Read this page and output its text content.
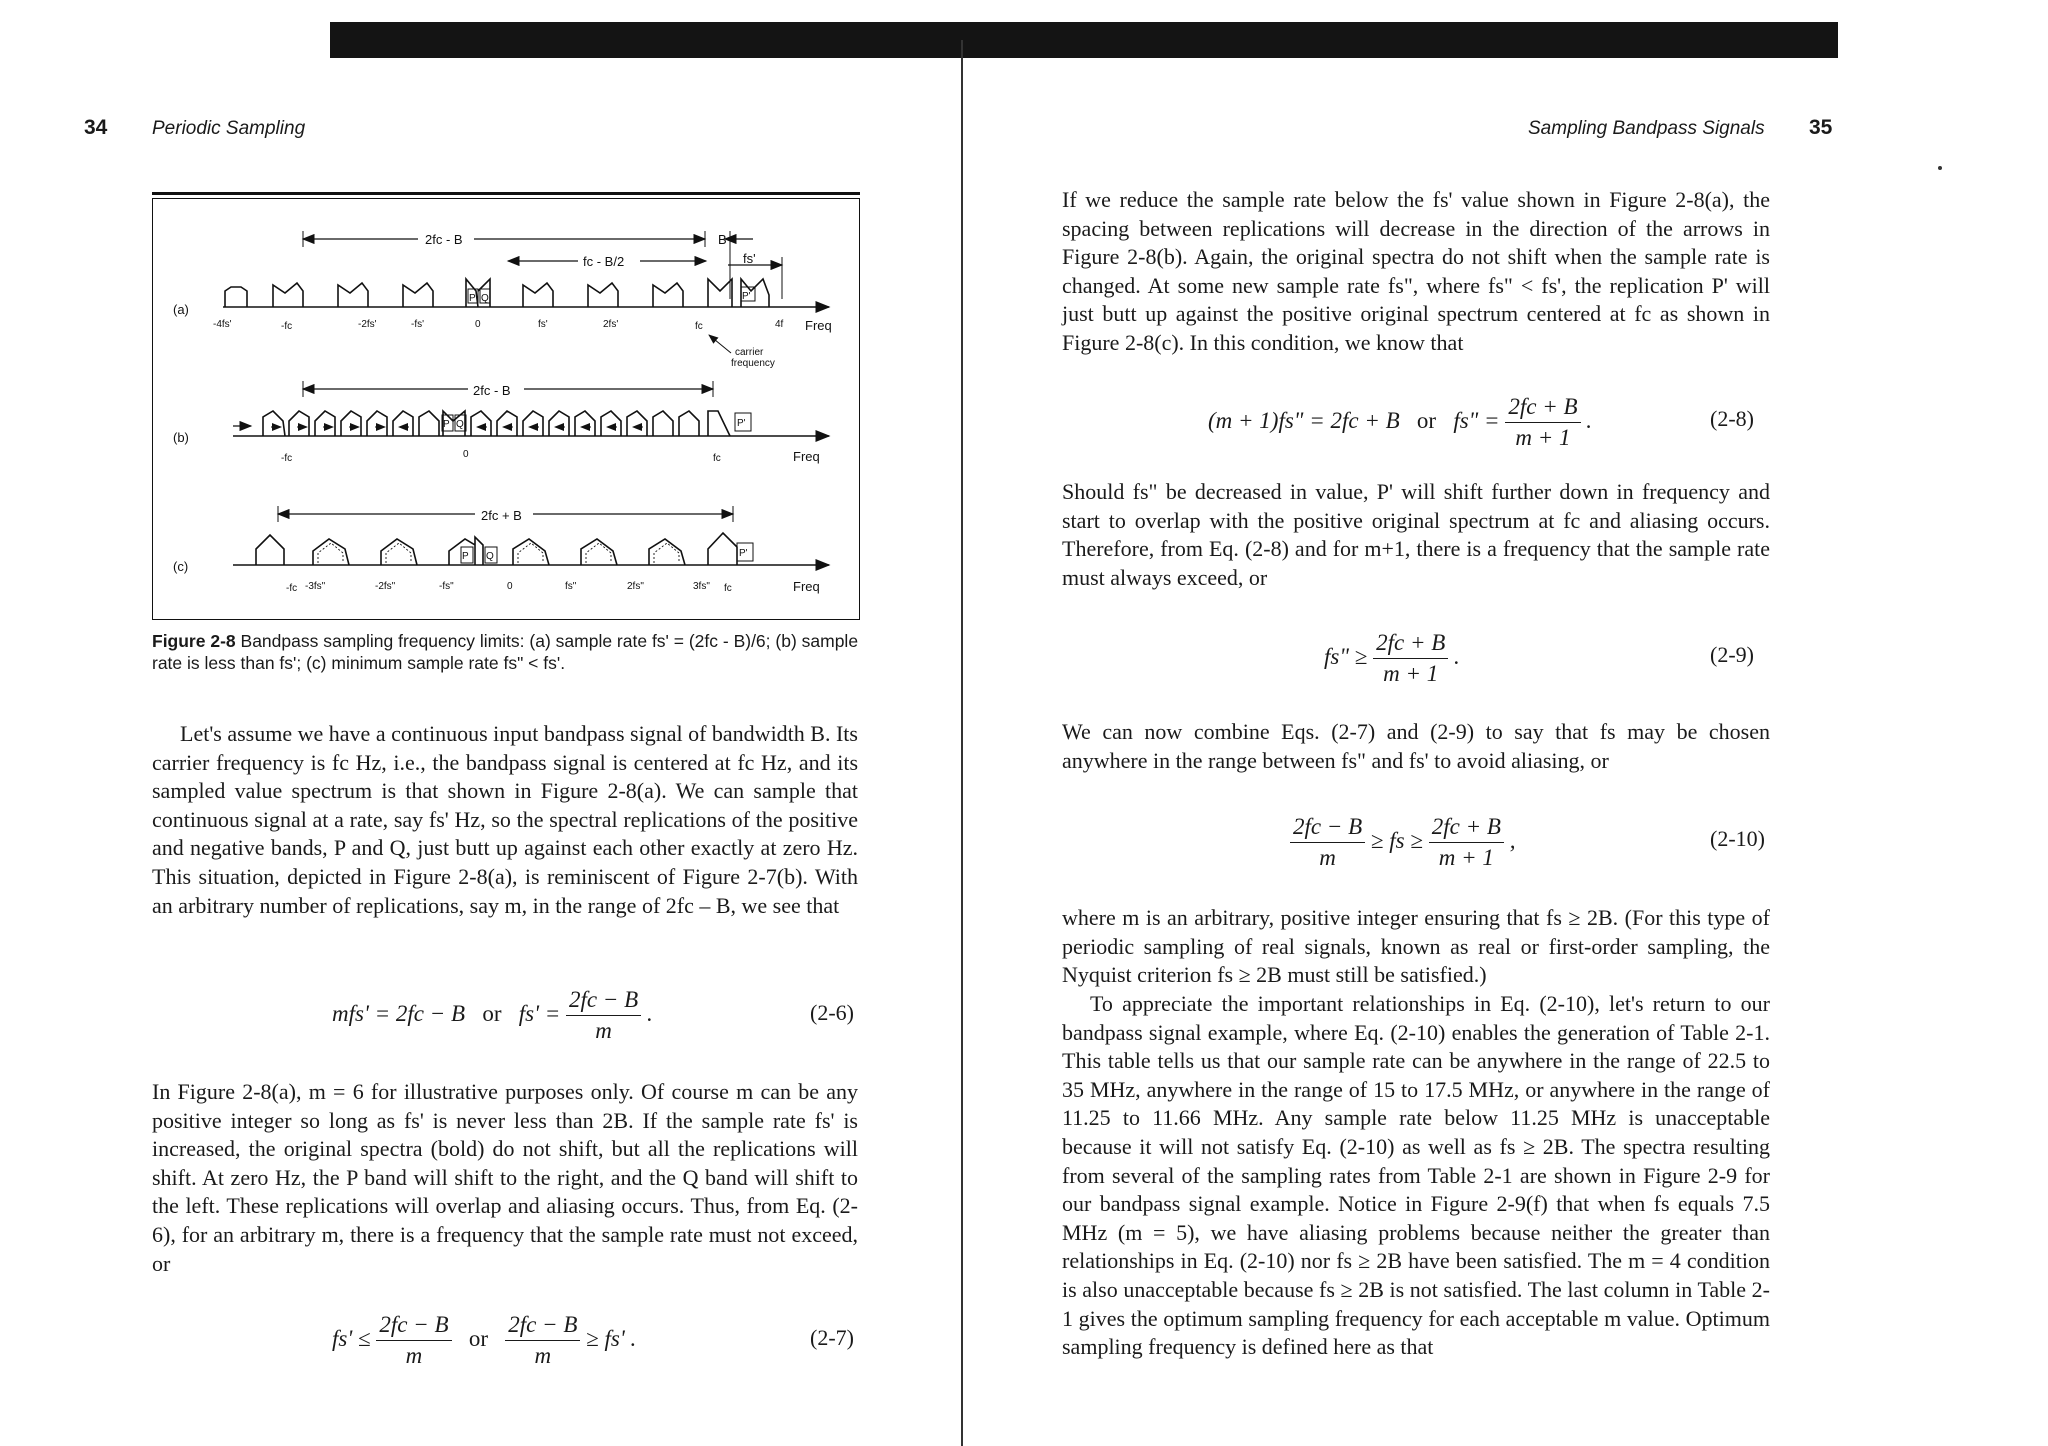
34 Periodic Sampling
(a)
(b)
(c)
2fc - B
fc - B/2
B
fs'
P Q	P'
-4fs'	-fc	-2fs'	-fs'	0	fs'	2fs'	fc	4f Freq
carrier
frequency
2fc - B
P Q	P'
-fc	0	fc	Freq
2fc + B
P Q	P'
-fc -3fs"	-2fs"	-fs"	0	fs"	2fs"	3fs" fc	Freq
Figure 2-8 Bandpass sampling frequency limits: (a) sample rate fs' = (2fc - B)/6; (b) sample rate is less than fs'; (c) minimum sample rate fs" < fs'.
Let's assume we have a continuous input bandpass signal of bandwidth B. Its carrier frequency is fc Hz, i.e., the bandpass signal is centered at fc Hz, and its sampled value spectrum is that shown in Figure 2-8(a). We can sample that continuous signal at a rate, say fs' Hz, so the spectral replications of the positive and negative bands, P and Q, just butt up against each other exactly at zero Hz. This situation, depicted in Figure 2-8(a), is reminiscent of Figure 2-7(b). With an arbitrary number of replications, say m, in the range of 2fc – B, we see that
mfs' = 2fc − B or $fs' = \frac{2fc - B}{m}$ .	(2-6)
In Figure 2-8(a), m = 6 for illustrative purposes only. Of course m can be any positive integer so long as fs' is never less than 2B. If the sample rate fs' is increased, the original spectra (bold) do not shift, but all the replications will shift. At zero Hz, the P band will shift to the right, and the Q band will shift to the left. These replications will overlap and aliasing occurs. Thus, from Eq. (2-6), for an arbitrary m, there is a frequency that the sample rate must not exceed, or
$fs' \le \frac{2fc - B}{m}$ or $\frac{2fc - B}{m} \ge fs'$ .	(2-7)
Sampling Bandpass Signals 35
If we reduce the sample rate below the fs' value shown in Figure 2-8(a), the spacing between replications will decrease in the direction of the arrows in Figure 2-8(b). Again, the original spectra do not shift when the sample rate is changed. At some new sample rate fs", where fs" < fs', the replication P' will just butt up against the positive original spectrum centered at fc as shown in Figure 2-8(c). In this condition, we know that
(m + 1)fs" = 2fc + B or fs" = $\frac{2fc + B}{m + 1}$ .	(2-8)
Should fs" be decreased in value, P' will shift further down in frequency and start to overlap with the positive original spectrum at fc and aliasing occurs. Therefore, from Eq. (2-8) and for m+1, there is a frequency that the sample rate must always exceed, or
fs" ≥ $\frac{2fc + B}{m + 1}$ .	(2-9)
We can now combine Eqs. (2-7) and (2-9) to say that fs may be chosen anywhere in the range between fs" and fs' to avoid aliasing, or
$\frac{2fc - B}{m}$ ≥ fs ≥ $\frac{2fc + B}{m + 1}$ ,	(2-10)
where m is an arbitrary, positive integer ensuring that fs ≥ 2B. (For this type of periodic sampling of real signals, known as real or first-order sampling, the Nyquist criterion fs ≥ 2B must still be satisfied.)
To appreciate the important relationships in Eq. (2-10), let's return to our bandpass signal example, where Eq. (2-10) enables the generation of Table 2-1. This table tells us that our sample rate can be anywhere in the range of 22.5 to 35 MHz, anywhere in the range of 15 to 17.5 MHz, or anywhere in the range of 11.25 to 11.66 MHz. Any sample rate below 11.25 MHz is unacceptable because it will not satisfy Eq. (2-10) as well as fs ≥ 2B. The spectra resulting from several of the sampling rates from Table 2-1 are shown in Figure 2-9 for our bandpass signal example. Notice in Figure 2-9(f) that when fs equals 7.5 MHz (m = 5), we have aliasing problems because neither the greater than relationships in Eq. (2-10) nor fs ≥ 2B have been satisfied. The m = 4 condition is also unacceptable because fs ≥ 2B is not satisfied. The last column in Table 2-1 gives the optimum sampling frequency for each acceptable m value. Optimum sampling frequency is defined here as that
